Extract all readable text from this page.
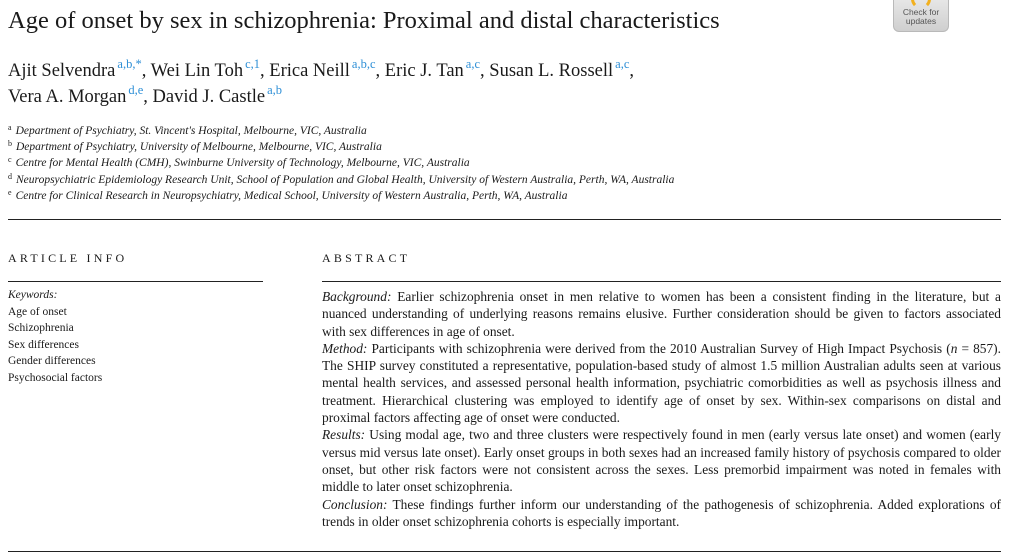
Age of onset by sex in schizophrenia: Proximal and distal characteristics	Check for
updates
Ajit Selvendra $^{a,b,*}$, Wei Lin Toh $^{c,1}$, Erica Neill $^{a,b,c}$, Eric J. Tan $^{a,c}$, Susan L. Rossell $^{a,c}$,
Vera A. Morgan $^{d,e}$, David J. Castle $^{a,b}$
$^a$ Department of Psychiatry, St. Vincent's Hospital, Melbourne, VIC, Australia
$^b$ Department of Psychiatry, University of Melbourne, Melbourne, VIC, Australia
$^c$ Centre for Mental Health (CMH), Swinburne University of Technology, Melbourne, VIC, Australia
$^d$ Neuropsychiatric Epidemiology Research Unit, School of Population and Global Health, University of Western Australia, Perth, WA, Australia
$^e$ Centre for Clinical Research in Neuropsychiatry, Medical School, University of Western Australia, Perth, WA, Australia
ARTICLE INFO	ABSTRACT
Keywords:
Age of onset
Schizophrenia
Sex differences
Gender differences
Psychosocial factors

Background: Earlier schizophrenia onset in men relative to women has been a consistent finding in the literature, but a nuanced understanding of underlying reasons remains elusive. Further consideration should be given to factors associated with sex differences in age of onset.

Method: Participants with schizophrenia were derived from the 2010 Australian Survey of High Impact Psychosis (n = 857). The SHIP survey constituted a representative, population-based study of almost 1.5 million Australian adults seen at various mental health services, and assessed personal health information, psychiatric comorbidities as well as psychosis illness and treatment. Hierarchical clustering was employed to identify age of onset by sex. Within-sex comparisons on distal and proximal factors affecting age of onset were conducted.

Results: Using modal age, two and three clusters were respectively found in men (early versus late onset) and women (early versus mid versus late onset). Early onset groups in both sexes had an increased family history of psychosis compared to older onset, but other risk factors were not consistent across the sexes. Less premorbid impairment was noted in females with middle to later onset schizophrenia.

Conclusion: These findings further inform our understanding of the pathogenesis of schizophrenia. Added explorations of trends in older onset schizophrenia cohorts is especially important.
